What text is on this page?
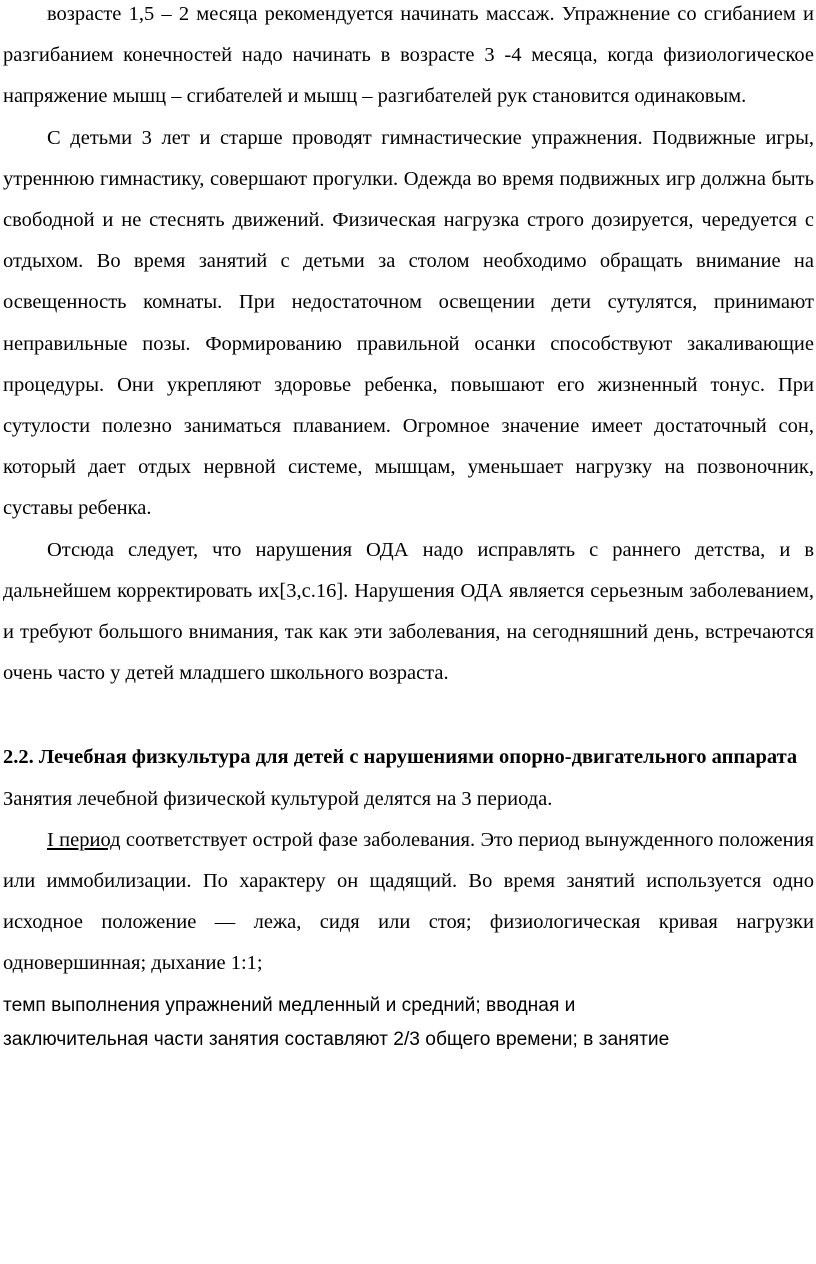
возрасте 1,5 – 2 месяца рекомендуется начинать массаж. Упражнение со сгибанием и разгибанием конечностей надо начинать в возрасте 3 -4 месяца, когда физиологическое напряжение мышц – сгибателей и мышц – разгибателей рук становится одинаковым.

С детьми 3 лет и старше проводят гимнастические упражнения. Подвижные игры, утреннюю гимнастику, совершают прогулки. Одежда во время подвижных игр должна быть свободной и не стеснять движений. Физическая нагрузка строго дозируется, чередуется с отдыхом. Во время занятий с детьми за столом необходимо обращать внимание на освещенность комнаты. При недостаточном освещении дети сутулятся, принимают неправильные позы. Формированию правильной осанки способствуют закаливающие процедуры. Они укрепляют здоровье ребенка, повышают его жизненный тонус. При сутулости полезно заниматься плаванием. Огромное значение имеет достаточный сон, который дает отдых нервной системе, мышцам, уменьшает нагрузку на позвоночник, суставы ребенка.

Отсюда следует, что нарушения ОДА надо исправлять с раннего детства, и в дальнейшем корректировать их[3,с.16]. Нарушения ОДА является серьезным заболеванием, и требуют большого внимания, так как эти заболевания, на сегодняшний день, встречаются очень часто у детей младшего школьного возраста.

2.2. Лечебная физкультура для детей с нарушениями опорно-двигательного аппарата

Занятия лечебной физической культурой делятся на 3 периода.

I период соответствует острой фазе заболевания. Это период вынужденного положения или иммобилизации. По характеру он щадящий. Во время занятий используется одно исходное положение — лежа, сидя или стоя; физиологическая кривая нагрузки одновершинная; дыхание 1:1;

темп выполнения упражнений медленный и средний; вводная и
заключительная части занятия составляют 2/3 общего времени; в занятие
